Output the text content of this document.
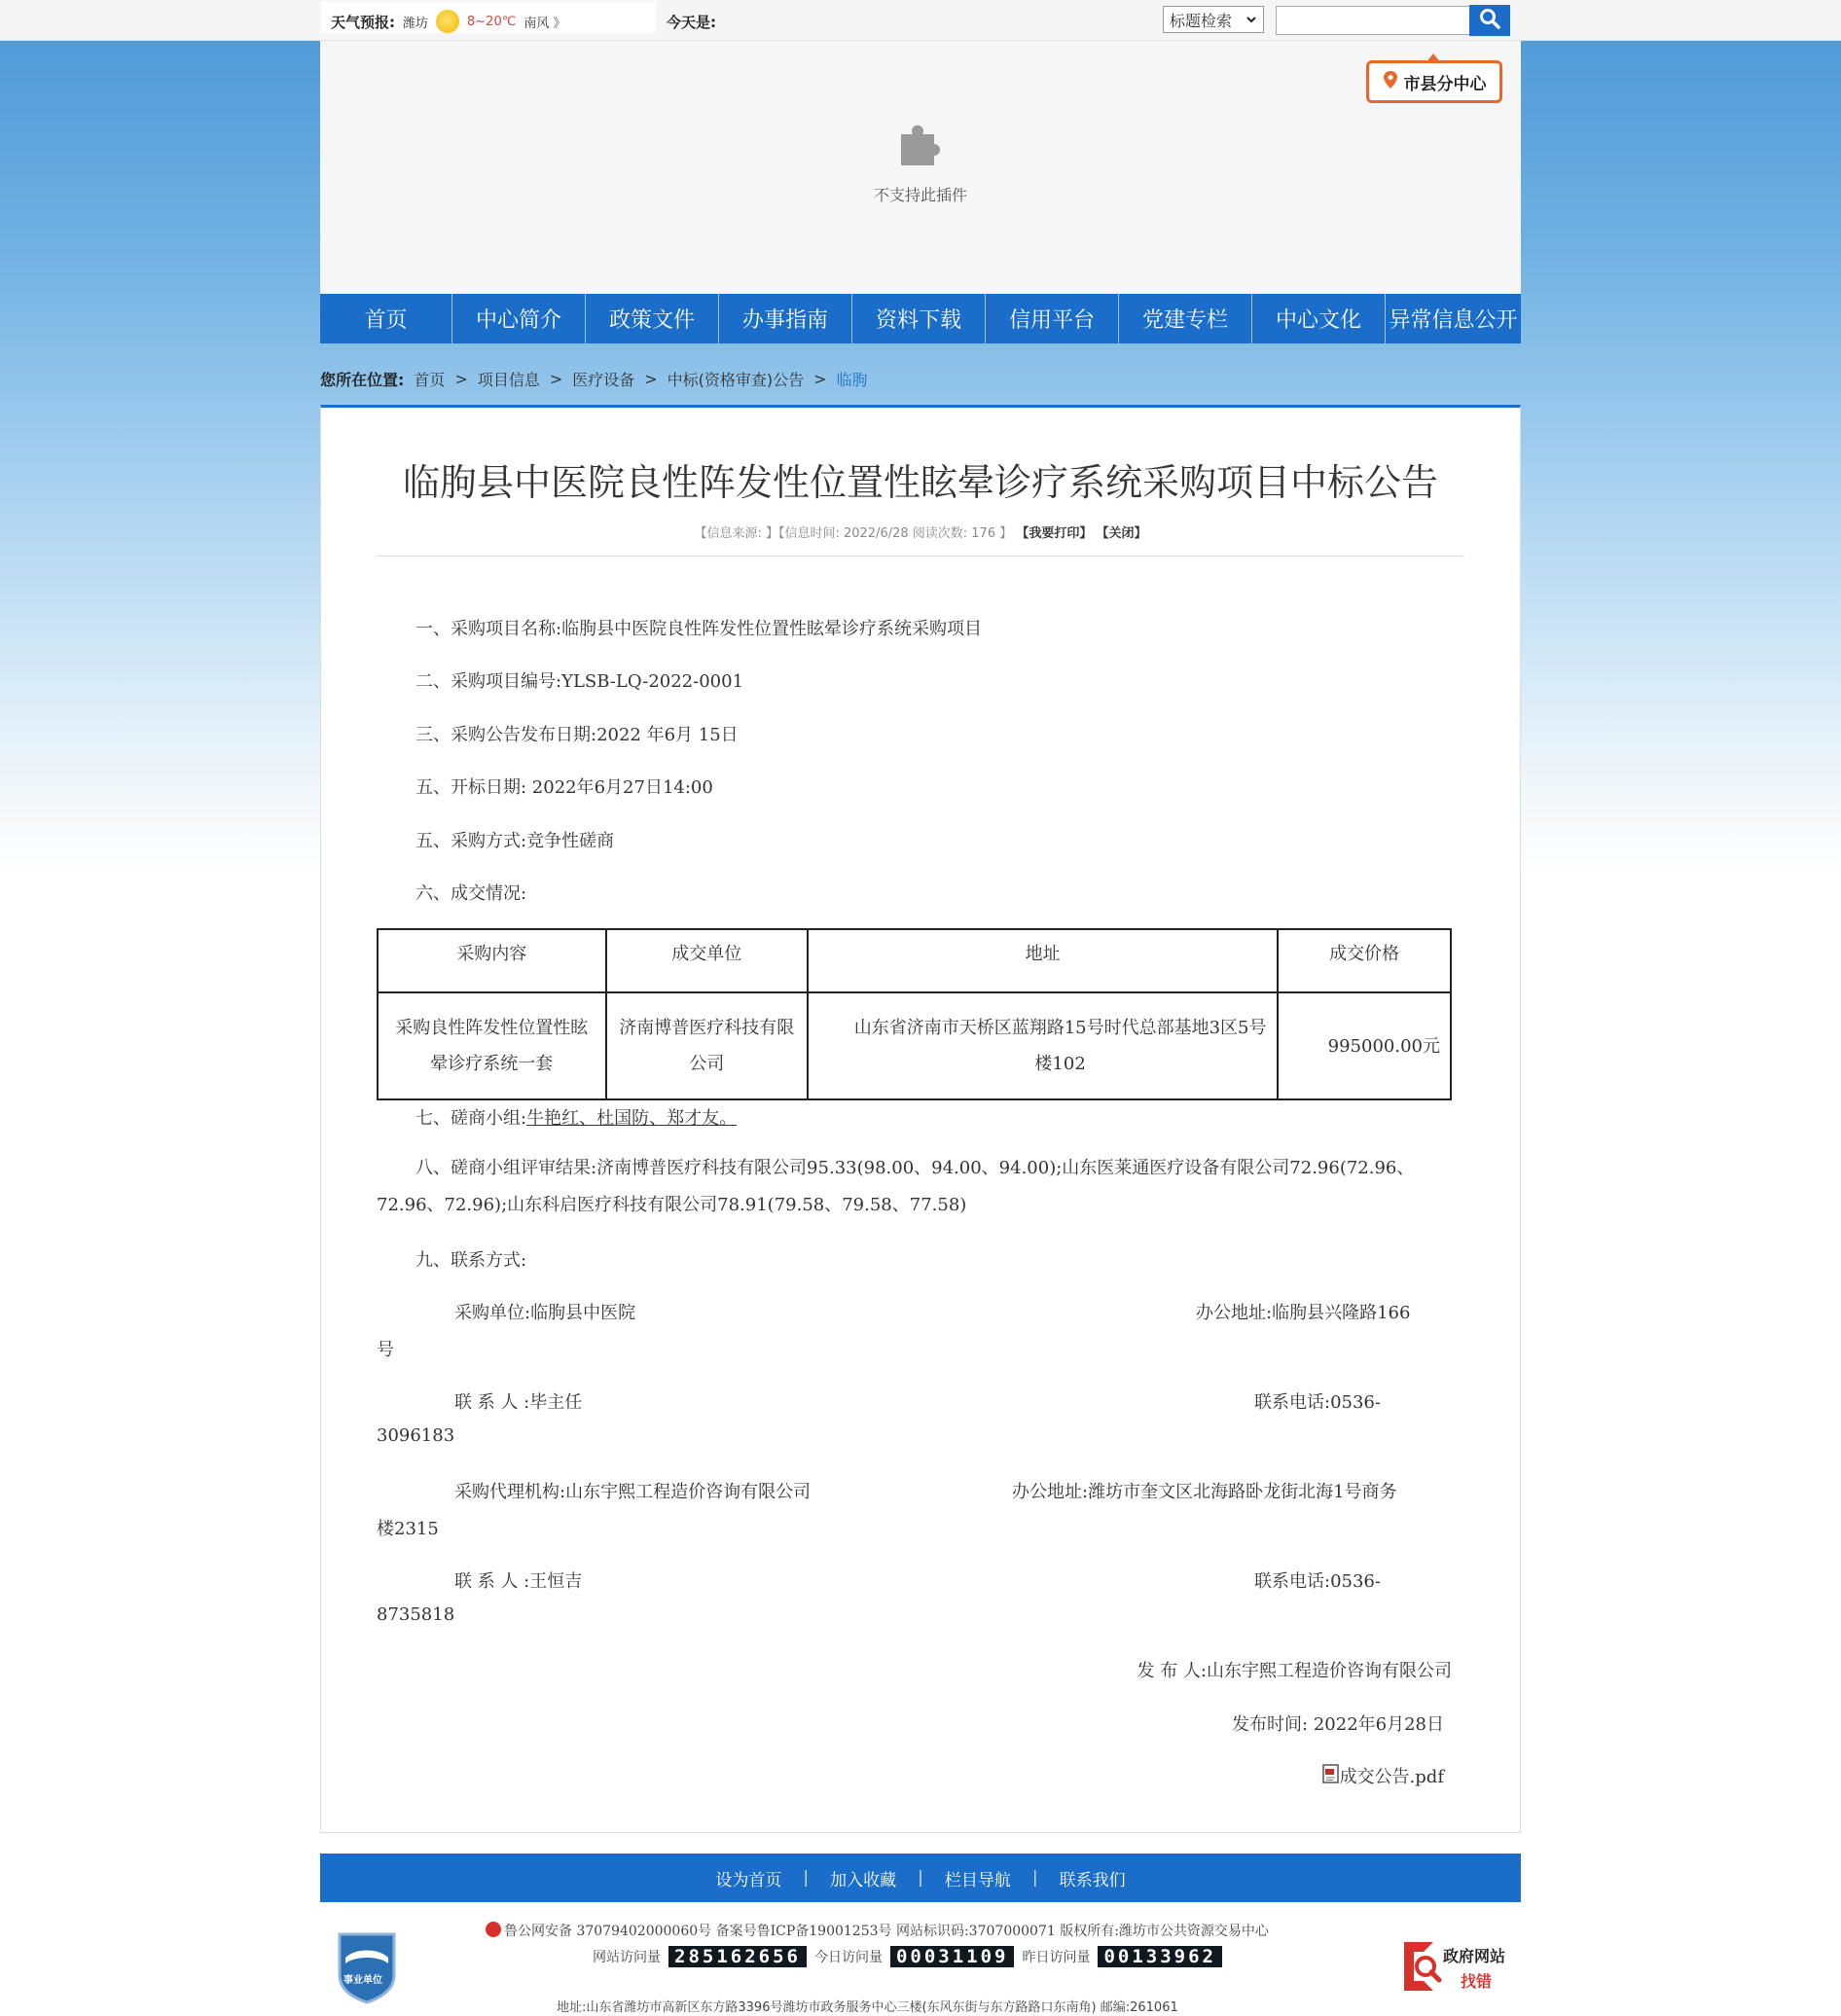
天气预报: 潍坊	8~20℃ 南风 》	今天是:	标题检索
不支持此插件
市县分中心
首页	中心简介	政策文件	办事指南	资料下载	信用平台	党建专栏	中心文化	异常信息公开
您所在位置: 首页 > 项目信息 > 医疗设备 > 中标(资格审查)公告 > 临朐
临朐县中医院良性阵发性位置性眩晕诊疗系统采购项目中标公告
【信息来源: 】【信息时间: 2022/6/28 阅读次数: 176 】 【我要打印】 【关闭】
一、采购项目名称:临朐县中医院良性阵发性位置性眩晕诊疗系统采购项目
二、采购项目编号:YLSB-LQ-2022-0001
三、采购公告发布日期:2022 年6月 15日
五、开标日期: 2022年6月27日14:00
五、采购方式:竞争性磋商
六、成交情况:
采购内容	成交单位	地址	成交价格
采购良性阵发性位置性眩晕诊疗系统一套	济南博普医疗科技有限公司	山东省济南市天桥区蓝翔路15号时代总部基地3区5号楼102	995000.00元
七、磋商小组:牛艳红、杜国防、郑才友。
八、磋商小组评审结果:济南博普医疗科技有限公司95.33(98.00、94.00、94.00);山东医莱通医疗设备有限公司72.96(72.96、72.96、72.96);山东科启医疗科技有限公司78.91(79.58、79.58、77.58)
九、联系方式:
采购单位:临朐县中医院	办公地址:临朐县兴隆路166
号
联 系 人 :毕主任	联系电话:0536-
3096183
采购代理机构:山东宇熙工程造价咨询有限公司	办公地址:潍坊市奎文区北海路卧龙街北海1号商务
楼2315
联 系 人 :王恒吉	联系电话:0536-
8735818
发 布 人:山东宇熙工程造价咨询有限公司
发布时间: 2022年6月28日
成交公告.pdf
设为首页 | 加入收藏 | 栏目导航 | 联系我们
事业单位
鲁公网安备 37079402000060号 备案号鲁ICP备19001253号 网站标识码:3707000071 版权所有:潍坊市公共资源交易中心
网站访问量 285162656	今日访问量 00031109	昨日访问量 00133962
地址:山东省潍坊市高新区东方路3396号潍坊市政务服务中心三楼(东风东街与东方路路口东南角) 邮编:261061
政府网站
找错
